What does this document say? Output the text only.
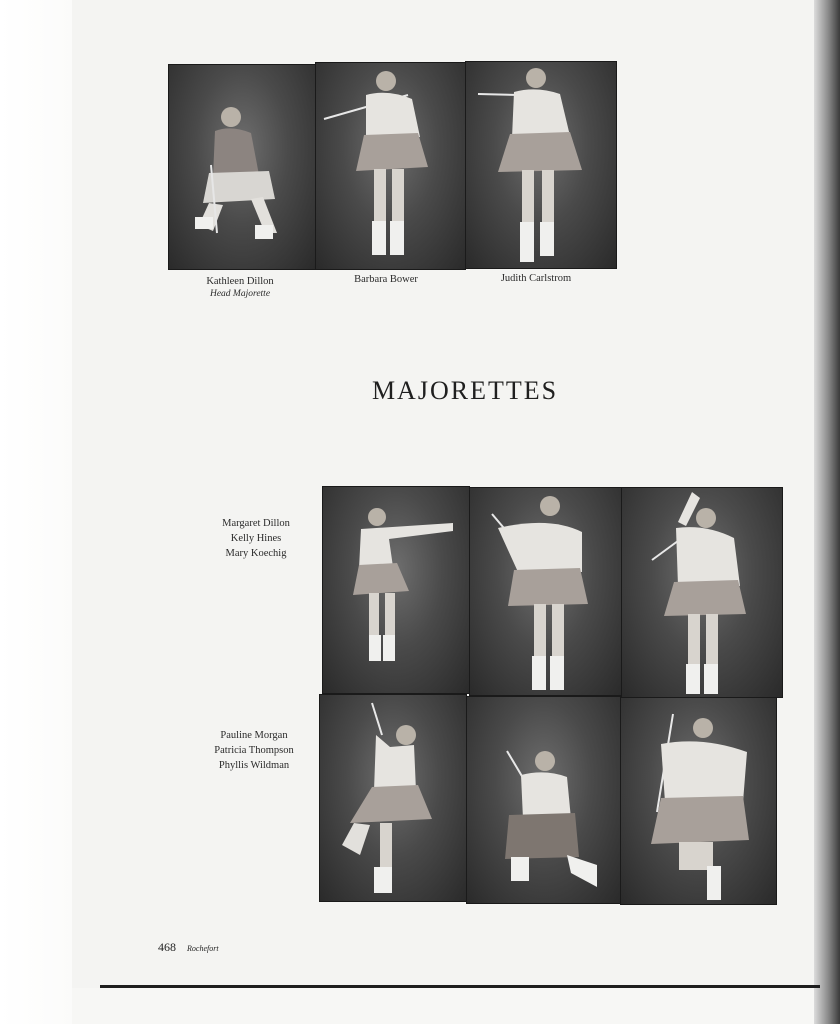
Kathleen Dillon
Head Majorette
Barbara Bower	Judith Carlstrom
MAJORETTES
Margaret Dillon
Kelly Hines
Mary Koechig
Pauline Morgan
Patricia Thompson
Phyllis Wildman
468 Rochefort
